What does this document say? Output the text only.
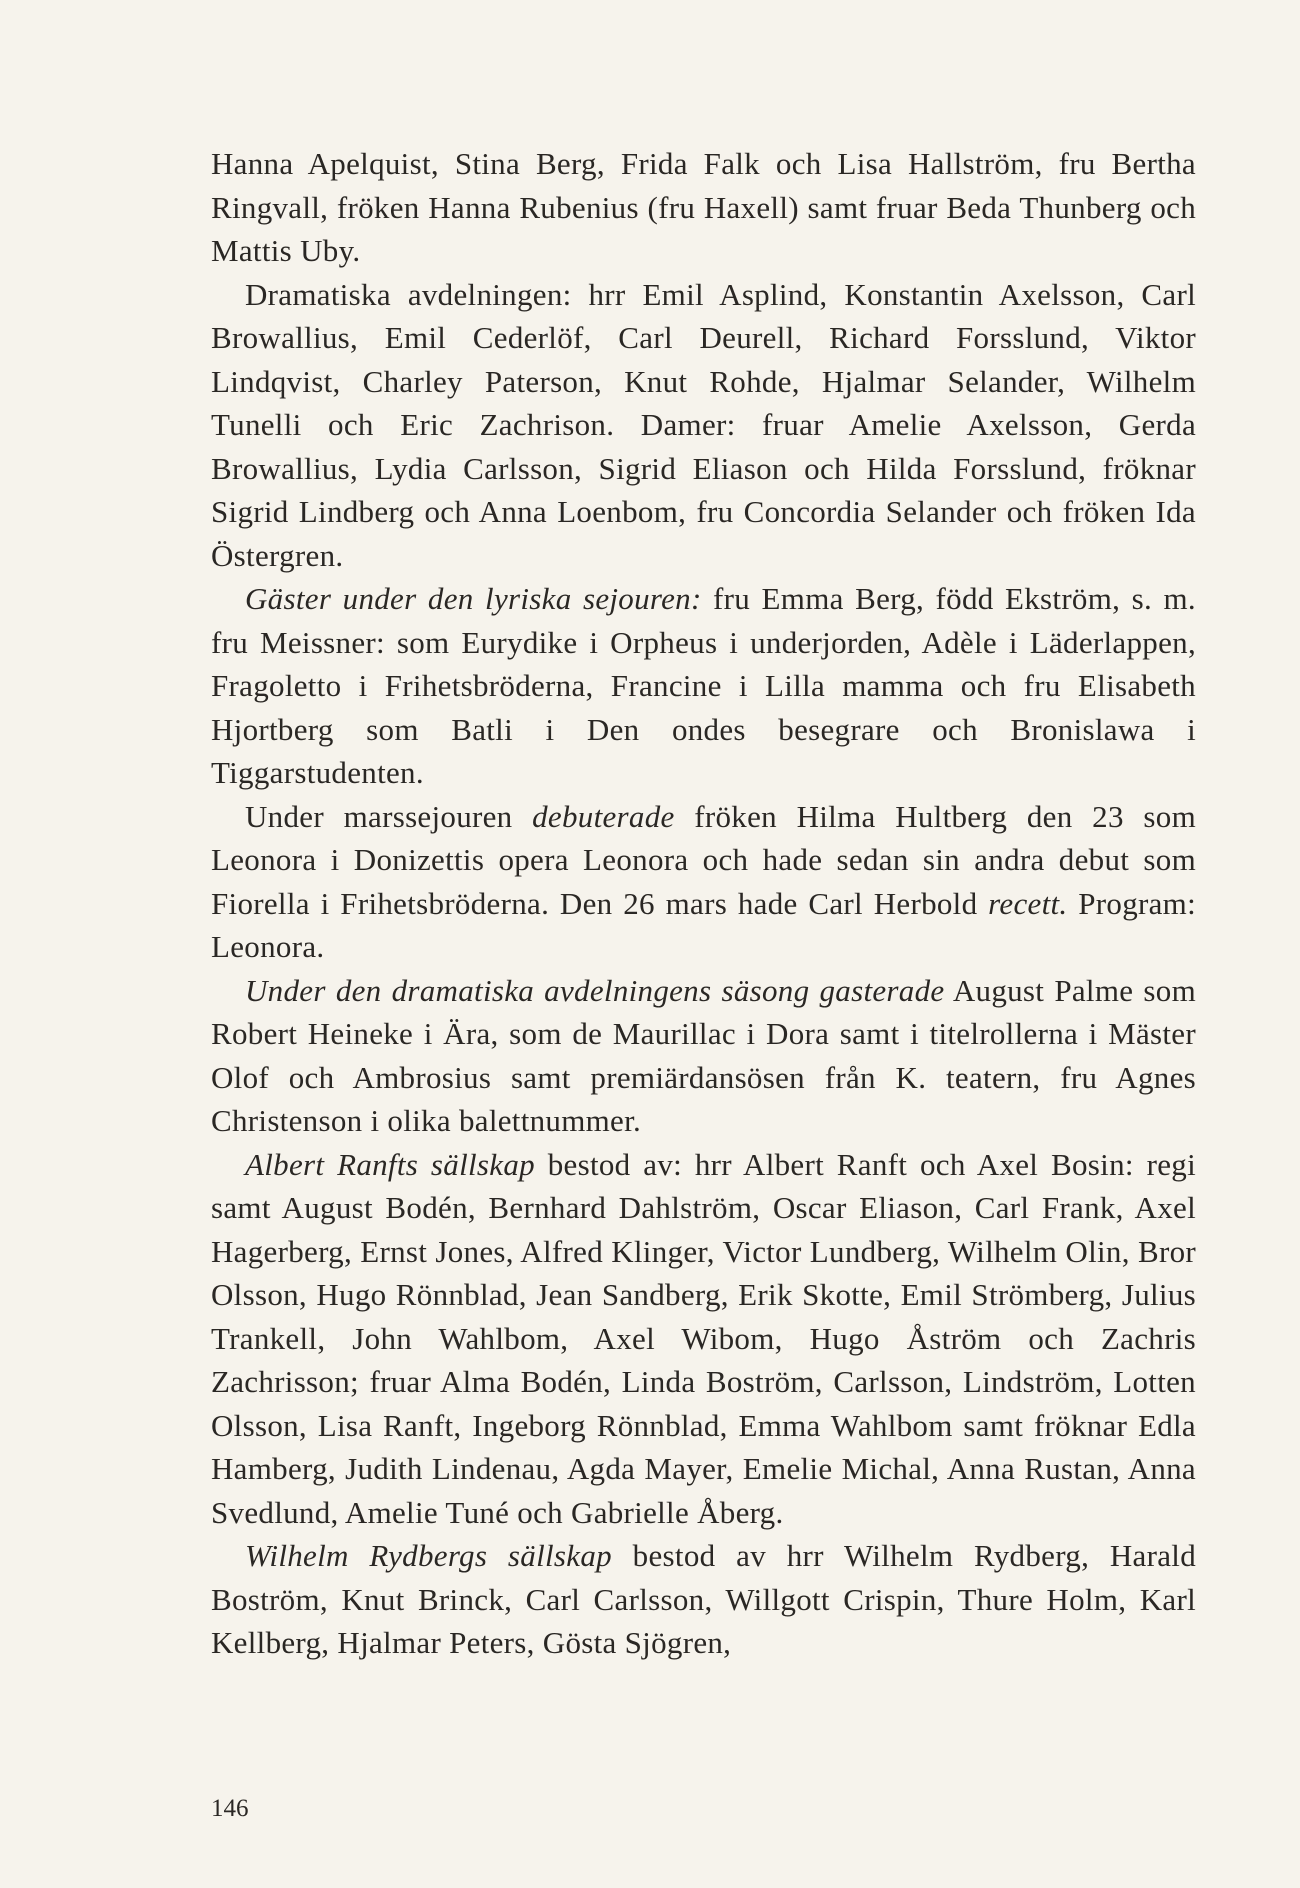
Hanna Apelquist, Stina Berg, Frida Falk och Lisa Hallström, fru Bertha Ringvall, fröken Hanna Rubenius (fru Haxell) samt fruar Beda Thunberg och Mattis Uby.

Dramatiska avdelningen: hrr Emil Asplind, Konstantin Axelsson, Carl Browallius, Emil Cederlöf, Carl Deurell, Richard Forsslund, Viktor Lindqvist, Charley Paterson, Knut Rohde, Hjalmar Selander, Wilhelm Tunelli och Eric Zachrison. Damer: fruar Amelie Axelsson, Gerda Browallius, Lydia Carlsson, Sigrid Eliason och Hilda Forsslund, fröknar Sigrid Lindberg och Anna Loenbom, fru Concordia Selander och fröken Ida Östergren.

Gäster under den lyriska sejouren: fru Emma Berg, född Ekström, s. m. fru Meissner: som Eurydike i Orpheus i underjorden, Adèle i Läderlappen, Fragoletto i Frihetsbröderna, Francine i Lilla mamma och fru Elisabeth Hjortberg som Batli i Den ondes besegrare och Bronislawa i Tiggarstudenten.

Under marssejouren debuterade fröken Hilma Hultberg den 23 som Leonora i Donizettis opera Leonora och hade sedan sin andra debut som Fiorella i Frihetsbröderna. Den 26 mars hade Carl Herbold recett. Program: Leonora.

Under den dramatiska avdelningens säsong gasterade August Palme som Robert Heineke i Ära, som de Maurillac i Dora samt i titelrollerna i Mäster Olof och Ambrosius samt premiärdansösen från K. teatern, fru Agnes Christenson i olika balettnummer.

Albert Ranfts sällskap bestod av: hrr Albert Ranft och Axel Bosin: regi samt August Bodén, Bernhard Dahlström, Oscar Eliason, Carl Frank, Axel Hagerberg, Ernst Jones, Alfred Klinger, Victor Lundberg, Wilhelm Olin, Bror Olsson, Hugo Rönnblad, Jean Sandberg, Erik Skotte, Emil Strömberg, Julius Trankell, John Wahlbom, Axel Wibom, Hugo Åström och Zachris Zachrisson; fruar Alma Bodén, Linda Boström, Carlsson, Lindström, Lotten Olsson, Lisa Ranft, Ingeborg Rönnblad, Emma Wahlbom samt fröknar Edla Hamberg, Judith Lindenau, Agda Mayer, Emelie Michal, Anna Rustan, Anna Svedlund, Amelie Tuné och Gabrielle Åberg.

Wilhelm Rydbergs sällskap bestod av hrr Wilhelm Rydberg, Harald Boström, Knut Brinck, Carl Carlsson, Willgott Crispin, Thure Holm, Karl Kellberg, Hjalmar Peters, Gösta Sjögren,

146
